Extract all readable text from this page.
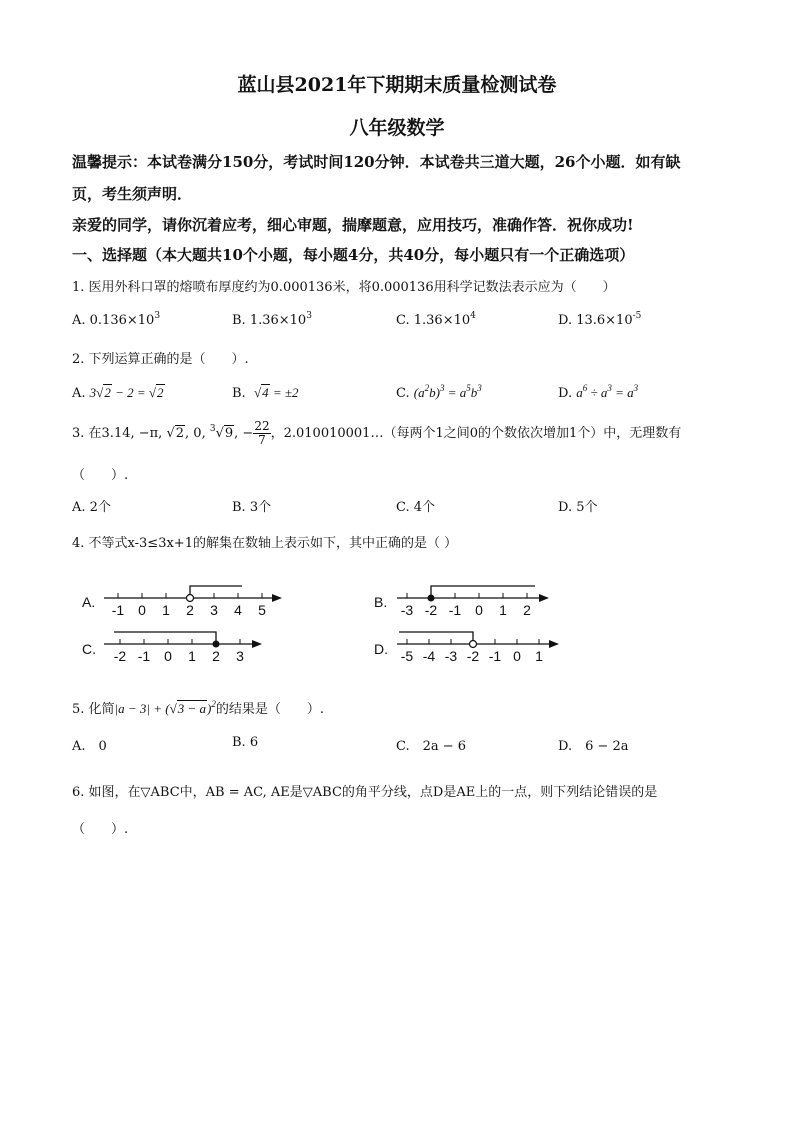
蓝山县2021年下期期末质量检测试卷
八年级数学
温馨提示：本试卷满分150分，考试时间120分钟．本试卷共三道大题，26个小题．如有缺
页，考生须声明．
亲爱的同学，请你沉着应考，细心审题，揣摩题意，应用技巧，准确作答．祝你成功!
一、选择题（本大题共10个小题，每小题4分，共40分，每小题只有一个正确选项）
1. 医用外科口罩的熔喷布厚度约为0.000136米，将0.000136用科学记数法表示应为（　　）
A. $0.136\times 10^3$	B. $1.36\times 10^3$	C. $1.36\times 10^4$	D. $13.6\times 10^{-5}$
2. 下列运算正确的是（　　）.
A. 3√2 − 2 = √2	B. √4 = ±2	C. $(a^2b)^3 = a^5b^3$	D. $a^6 \div a^3 = a^3$
3. 在3.14, −π, √2, 0, $^3$√9, − $\frac{22}{7}$ ，2.010010001…（每两个1之间0的个数依次增加1个）中，无理数有
（　　）.
A. 2个	B. 3个	C. 4个	D. 5个
4. 不等式x-3≤3x+1的解集在数轴上表示如下，其中正确的是（ ）
A. -1 0 1 2 3 4 5	B. -3 -2 -1 0 1 2
C. -2 -1 0 1 2 3	D. -5 -4 -3 -2 -1 0 1
5. 化简$|a - 3| + (√3 - a)^2$的结果是（　　）.
A.　0	B. 6	C.　2a − 6	D.　6 − 2a
6. 如图，在▽ABC中，AB = AC, AE是▽ABC的角平分线，点D是AE上的一点，则下列结论错误的是
（　　）.
